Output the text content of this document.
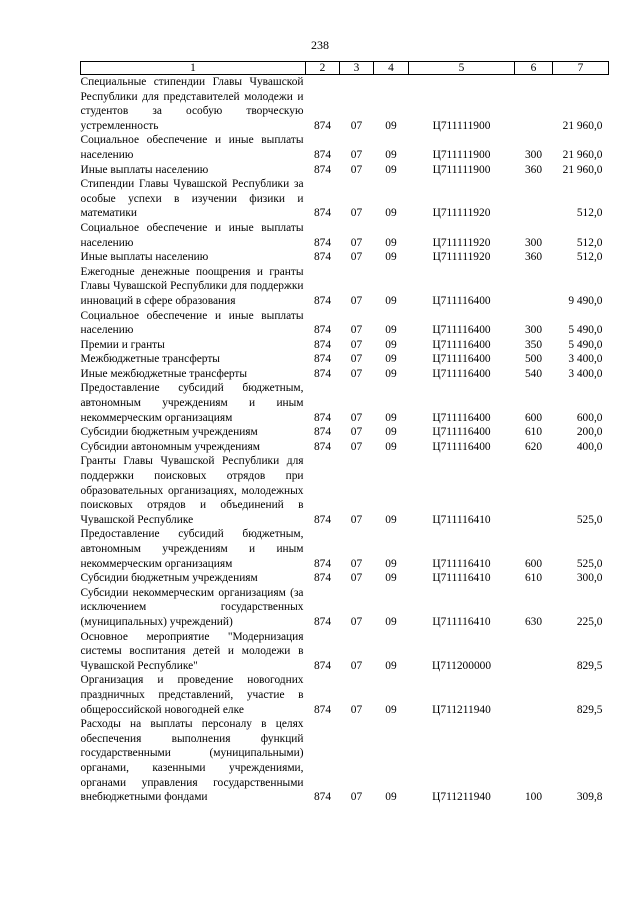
238
1	2	3	4	5	6	7
Специальные стипендии Главы Чувашской Республики для представителей молодежи и студентов за особую творческую устремленность	874	07	09	Ц711111900		21 960,0
Социальное обеспечение и иные выплаты населению	874	07	09	Ц711111900	300	21 960,0
Иные выплаты населению	874	07	09	Ц711111900	360	21 960,0
Стипендии Главы Чувашской Республики за особые успехи в изучении физики и математики	874	07	09	Ц711111920		512,0
Социальное обеспечение и иные выплаты населению	874	07	09	Ц711111920	300	512,0
Иные выплаты населению	874	07	09	Ц711111920	360	512,0
Ежегодные денежные поощрения и гранты Главы Чувашской Республики для поддержки инноваций в сфере образования	874	07	09	Ц711116400		9 490,0
Социальное обеспечение и иные выплаты населению	874	07	09	Ц711116400	300	5 490,0
Премии и гранты	874	07	09	Ц711116400	350	5 490,0
Межбюджетные трансферты	874	07	09	Ц711116400	500	3 400,0
Иные межбюджетные трансферты	874	07	09	Ц711116400	540	3 400,0
Предоставление субсидий бюджетным, автономным учреждениям и иным некоммерческим организациям	874	07	09	Ц711116400	600	600,0
Субсидии бюджетным учреждениям	874	07	09	Ц711116400	610	200,0
Субсидии автономным учреждениям	874	07	09	Ц711116400	620	400,0
Гранты Главы Чувашской Республики для поддержки поисковых отрядов при образовательных организациях, молодежных поисковых отрядов и объединений в Чувашской Республике	874	07	09	Ц711116410		525,0
Предоставление субсидий бюджетным, автономным учреждениям и иным некоммерческим организациям	874	07	09	Ц711116410	600	525,0
Субсидии бюджетным учреждениям	874	07	09	Ц711116410	610	300,0
Субсидии некоммерческим организациям (за исключением государственных (муниципальных) учреждений)	874	07	09	Ц711116410	630	225,0
Основное мероприятие "Модернизация системы воспитания детей и молодежи в Чувашской Республике"	874	07	09	Ц711200000		829,5
Организация и проведение новогодних праздничных представлений, участие в общероссийской новогодней елке	874	07	09	Ц711211940		829,5
Расходы на выплаты персоналу в целях обеспечения выполнения функций государственными (муниципальными) органами, казенными учреждениями, органами управления государственными внебюджетными фондами	874	07	09	Ц711211940	100	309,8
